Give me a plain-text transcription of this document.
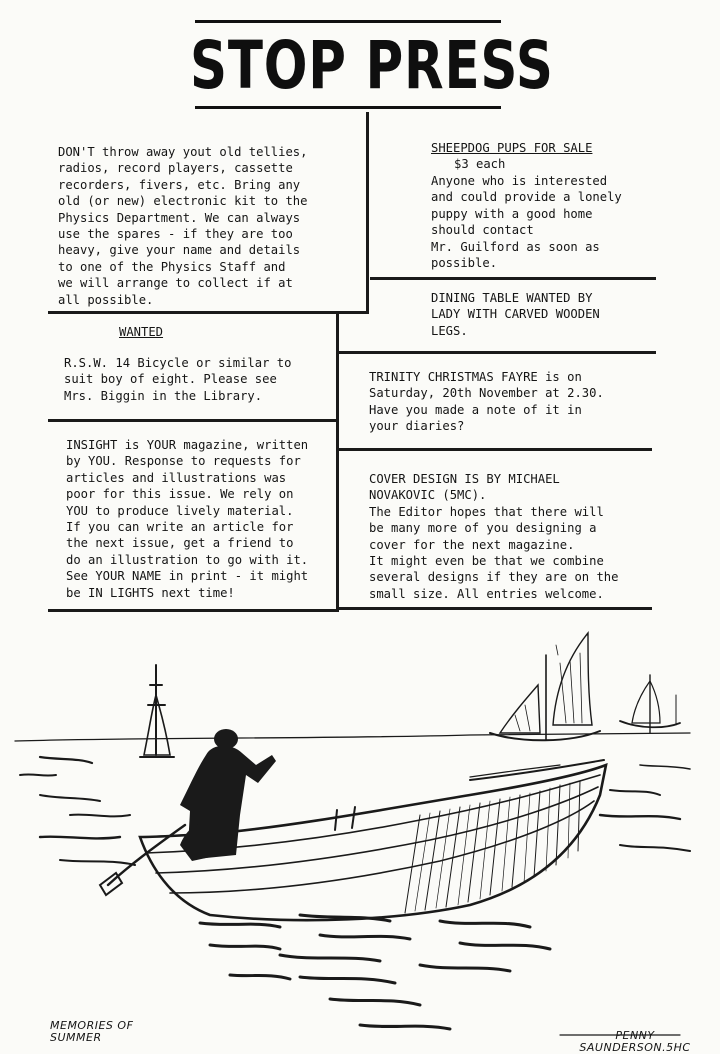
STOP PRESS
DON'T throw away yout old tellies,
radios, record players, cassette
recorders, fivers, etc. Bring any
old (or new) electronic kit to the
Physics Department. We can always
use the spares - if they are too
heavy, give your name and details
to one of the Physics Staff and
we will arrange to collect if at
all possible.
SHEEPDOG PUPS FOR SALE
$3 each
Anyone who is interested
and could provide a lonely
puppy with a good home
should contact
Mr. Guilford as soon as
possible.
DINING TABLE WANTED BY
LADY WITH CARVED WOODEN
LEGS.
WANTED
R.S.W. 14 Bicycle or similar to
suit boy of eight. Please see
Mrs. Biggin in the Library.
TRINITY CHRISTMAS FAYRE is on
Saturday, 20th November at 2.30.
Have you made a note of it in
your diaries?
INSIGHT is YOUR magazine, written
by YOU. Response to requests for
articles and illustrations was
poor for this issue. We rely on
YOU to produce lively material.
If you can write an article for
the next issue, get a friend to
do an illustration to go with it.
See YOUR NAME in print - it might
be IN LIGHTS next time!
COVER DESIGN IS BY MICHAEL
NOVAKOVIC (5MC).
The Editor hopes that there will
be many more of you designing a
cover for the next magazine.
It might even be that we combine
several designs if they are on the
small size. All entries welcome.
MEMORIES OF
SUMMER	PENNY
SAUNDERSON.5HC
